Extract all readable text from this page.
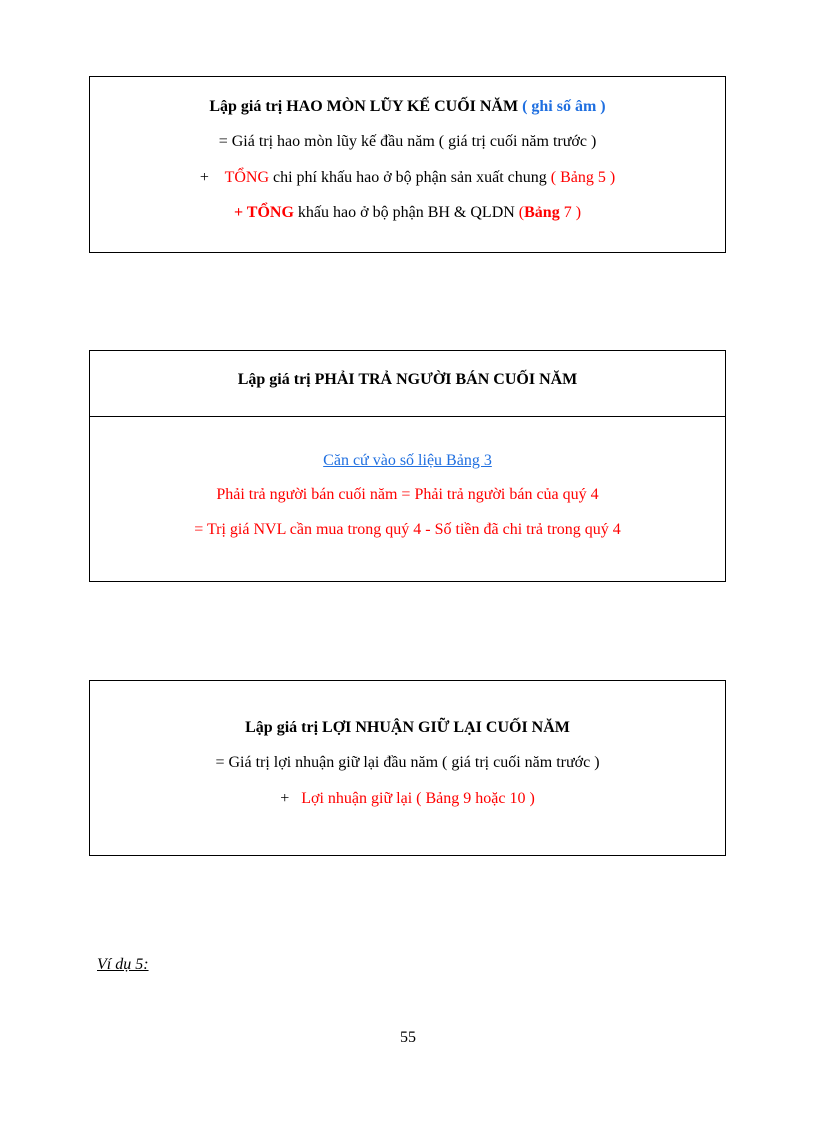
Lập giá trị HAO MÒN LŨY KẾ CUỐI NĂM ( ghi số âm )
= Giá trị hao mòn lũy kế đầu năm ( giá trị cuối năm trước )
+ TỔNG chi phí khấu hao ở bộ phận sản xuất chung ( Bảng 5 )
+ TỔNG khấu hao ở bộ phận BH & QLDN (Bảng 7 )
Lập giá trị PHẢI TRẢ NGƯỜI BÁN CUỐI NĂM
Căn cứ vào số liệu Bảng 3
Phải trả người bán cuối năm = Phải trả người bán của quý 4
= Trị giá NVL cần mua trong quý 4 - Số tiền đã chi trả trong quý 4
Lập giá trị LỢI NHUẬN GIỮ LẠI CUỐI NĂM
= Giá trị lợi nhuận giữ lại đầu năm ( giá trị cuối năm trước )
+ Lợi nhuận giữ lại ( Bảng 9 hoặc 10 )
Ví dụ 5:
55
